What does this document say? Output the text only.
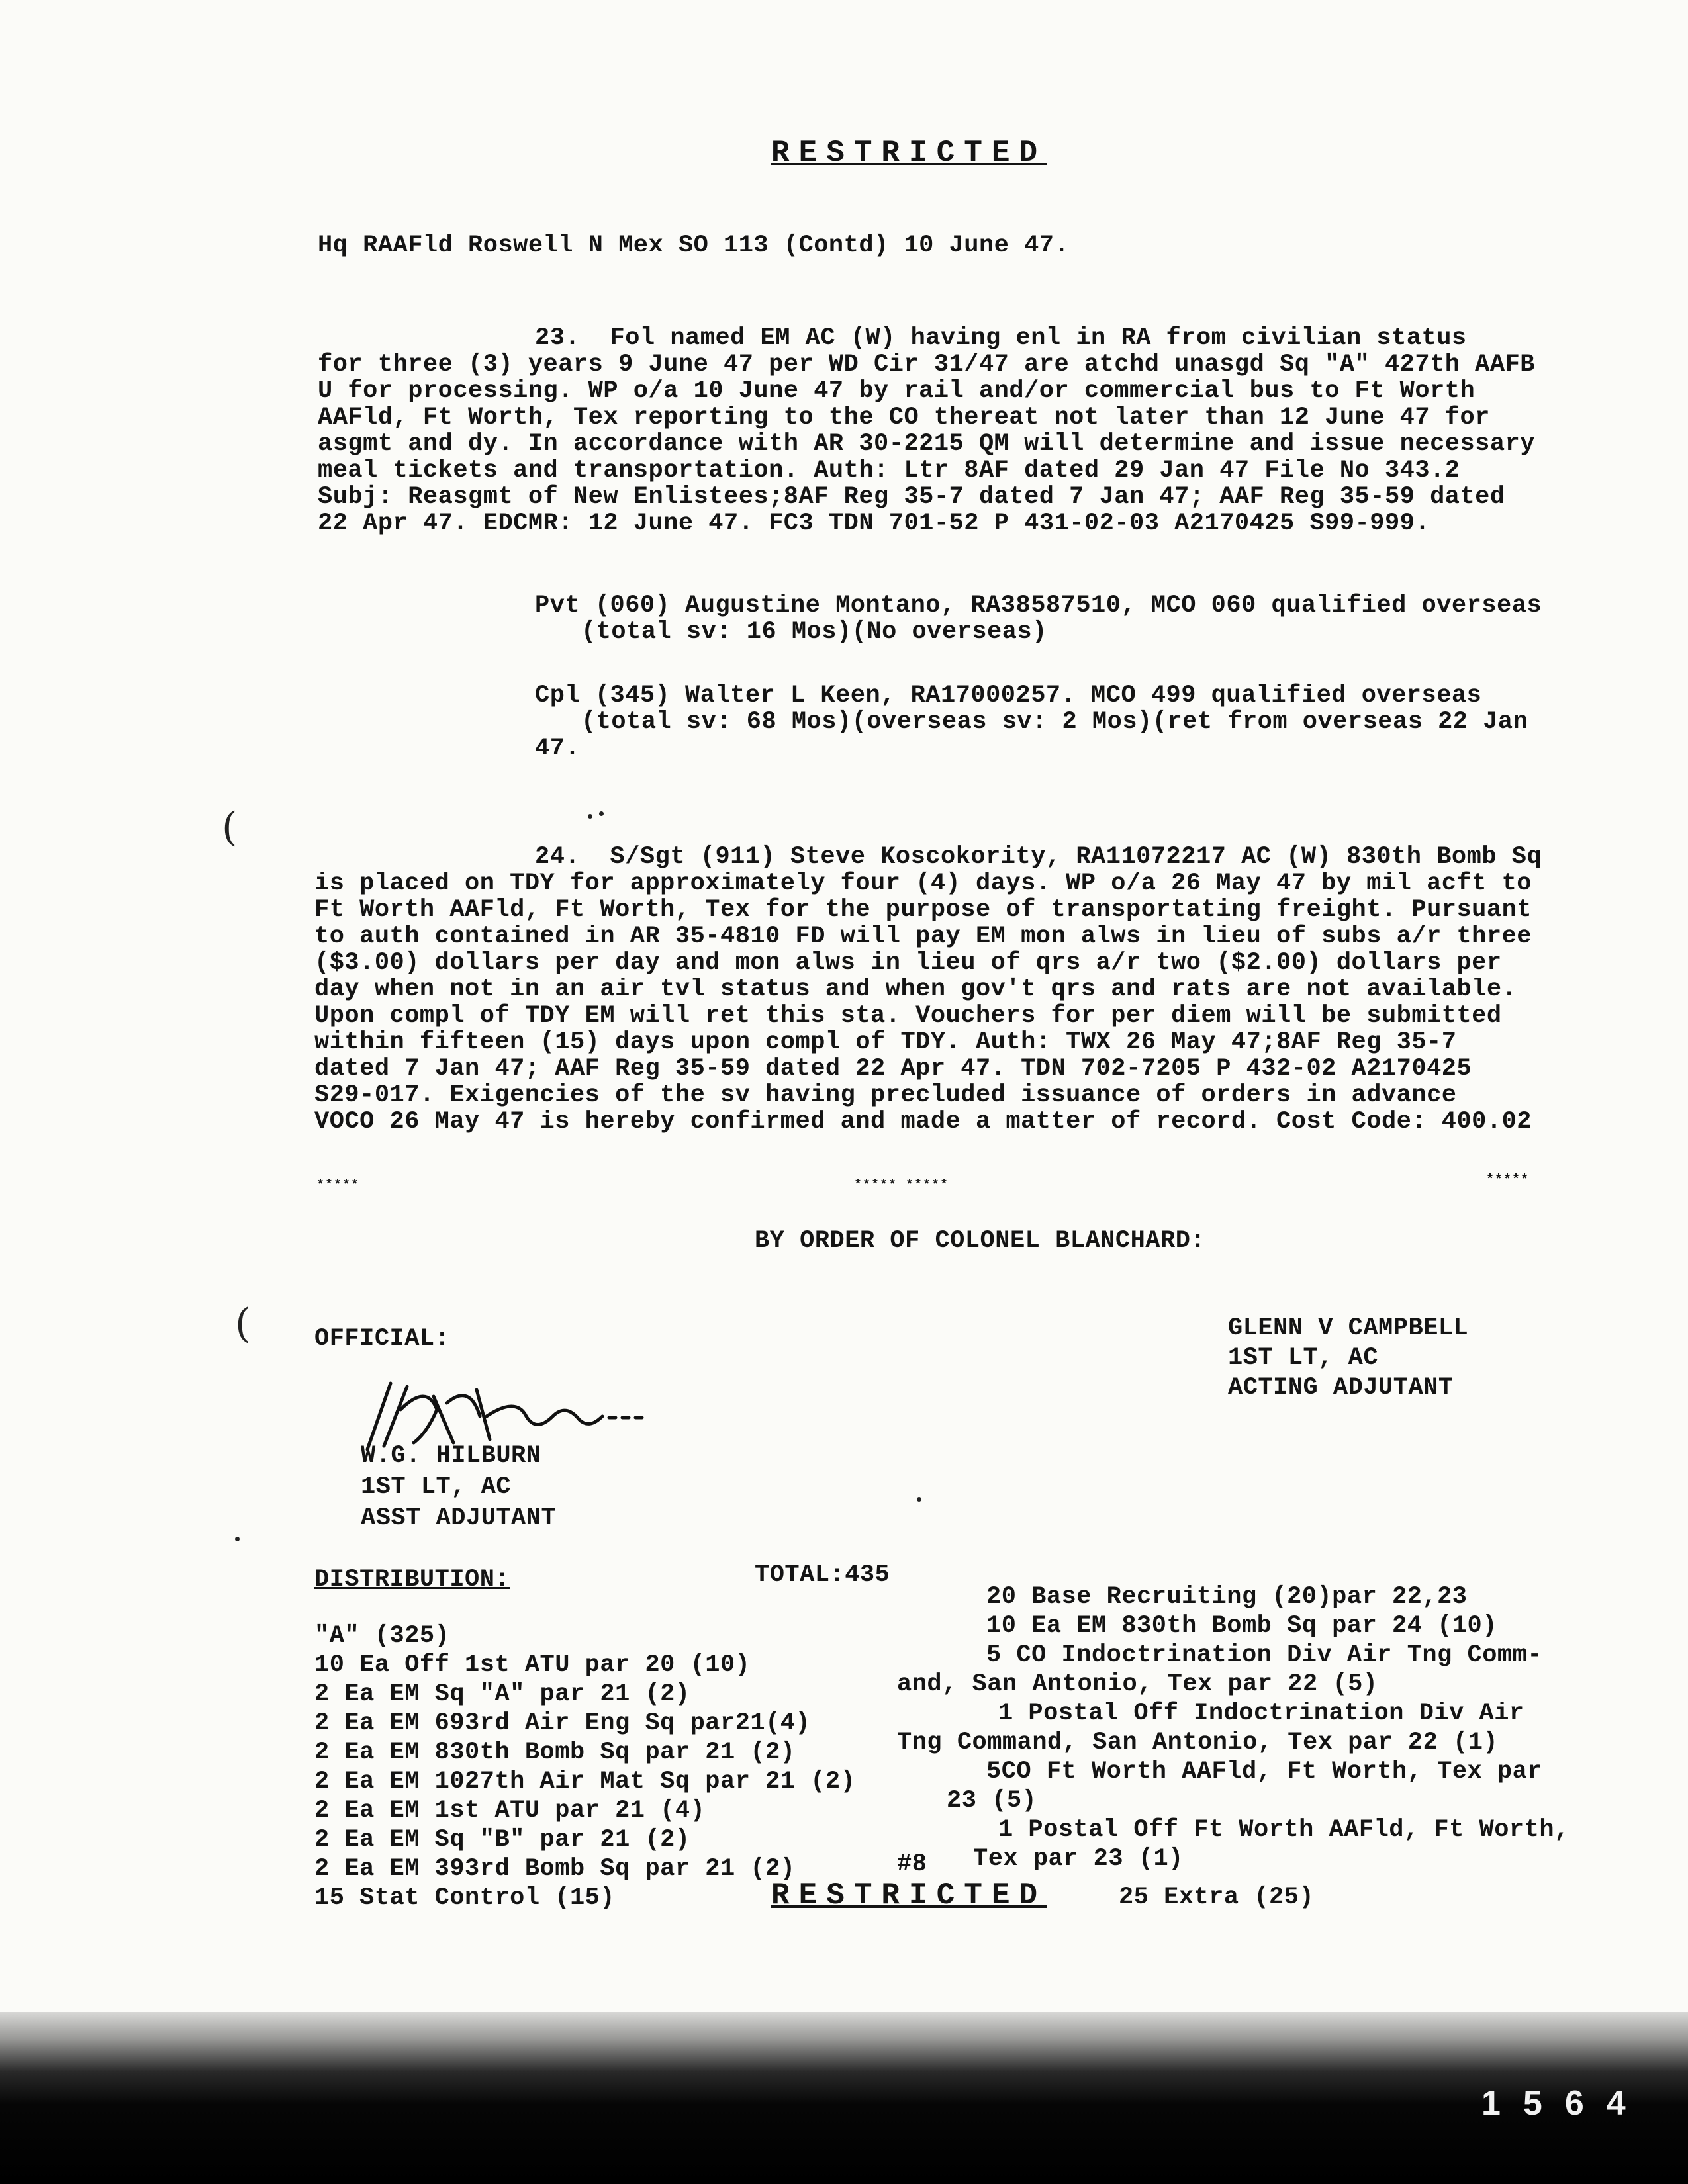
RESTRICTED
Hq RAAFld Roswell N Mex SO 113 (Contd) 10 June 47.
23.  Fol named EM AC (W) having enl in RA from civilian status
for three (3) years 9 June 47 per WD Cir 31/47 are atchd unasgd Sq "A" 427th AAFB
U for processing. WP o/a 10 June 47 by rail and/or commercial bus to Ft Worth
AAFld, Ft Worth, Tex reporting to the CO thereat not later than 12 June 47 for
asgmt and dy. In accordance with AR 30-2215 QM will determine and issue necessary
meal tickets and transportation. Auth: Ltr 8AF dated 29 Jan 47 File No 343.2
Subj: Reasgmt of New Enlistees;8AF Reg 35-7 dated 7 Jan 47; AAF Reg 35-59 dated
22 Apr 47. EDCMR: 12 June 47. FC3 TDN 701-52 P 431-02-03 A2170425 S99-999.
Pvt (060) Augustine Montano, RA38587510, MCO 060 qualified overseas
(total sv: 16 Mos)(No overseas)
Cpl (345) Walter L Keen, RA17000257. MCO 499 qualified overseas
(total sv: 68 Mos)(overseas sv: 2 Mos)(ret from overseas 22 Jan
47.
(
24.  S/Sgt (911) Steve Koscokority, RA11072217 AC (W) 830th Bomb Sq
is placed on TDY for approximately four (4) days. WP o/a 26 May 47 by mil acft to
Ft Worth AAFld, Ft Worth, Tex for the purpose of transportating freight. Pursuant
to auth contained in AR 35-4810 FD will pay EM mon alws in lieu of subs a/r three
($3.00) dollars per day and mon alws in lieu of qrs a/r two ($2.00) dollars per
day when not in an air tvl status and when gov't qrs and rats are not available.
Upon compl of TDY EM will ret this sta. Vouchers for per diem will be submitted
within fifteen (15) days upon compl of TDY. Auth: TWX 26 May 47;8AF Reg 35-7
dated 7 Jan 47; AAF Reg 35-59 dated 22 Apr 47. TDN 702-7205 P 432-02 A2170425
S29-017. Exigencies of the sv having precluded issuance of orders in advance
VOCO 26 May 47 is hereby confirmed and made a matter of record. Cost Code: 400.02
*****	***** *****	*****
BY ORDER OF COLONEL BLANCHARD:
(	OFFICIAL:
W.G. HILBURN
1ST LT, AC
ASST ADJUTANT
GLENN V CAMPBELL
1ST LT, AC
ACTING ADJUTANT
DISTRIBUTION:	TOTAL:435
"A" (325)
10 Ea Off 1st ATU par 20 (10)
2 Ea EM Sq "A" par 21 (2)
2 Ea EM 693rd Air Eng Sq par21(4)
2 Ea EM 830th Bomb Sq par 21 (2)
2 Ea EM 1027th Air Mat Sq par 21 (2)
2 Ea EM 1st ATU par 21 (4)
2 Ea EM Sq "B" par 21 (2)
2 Ea EM 393rd Bomb Sq par 21 (2)
15 Stat Control (15)
20 Base Recruiting (20)par 22,23
10 Ea EM 830th Bomb Sq par 24 (10)
5 CO Indoctrination Div Air Tng Comm-
and, San Antonio, Tex par 22 (5)
1 Postal Off Indoctrination Div Air
Tng Command, San Antonio, Tex par 22 (1)
5CO Ft Worth AAFld, Ft Worth, Tex par
23 (5)
1 Postal Off Ft Worth AAFld, Ft Worth,
Tex par 23 (1)
25 Extra (25)
#8
RESTRICTED
1564
